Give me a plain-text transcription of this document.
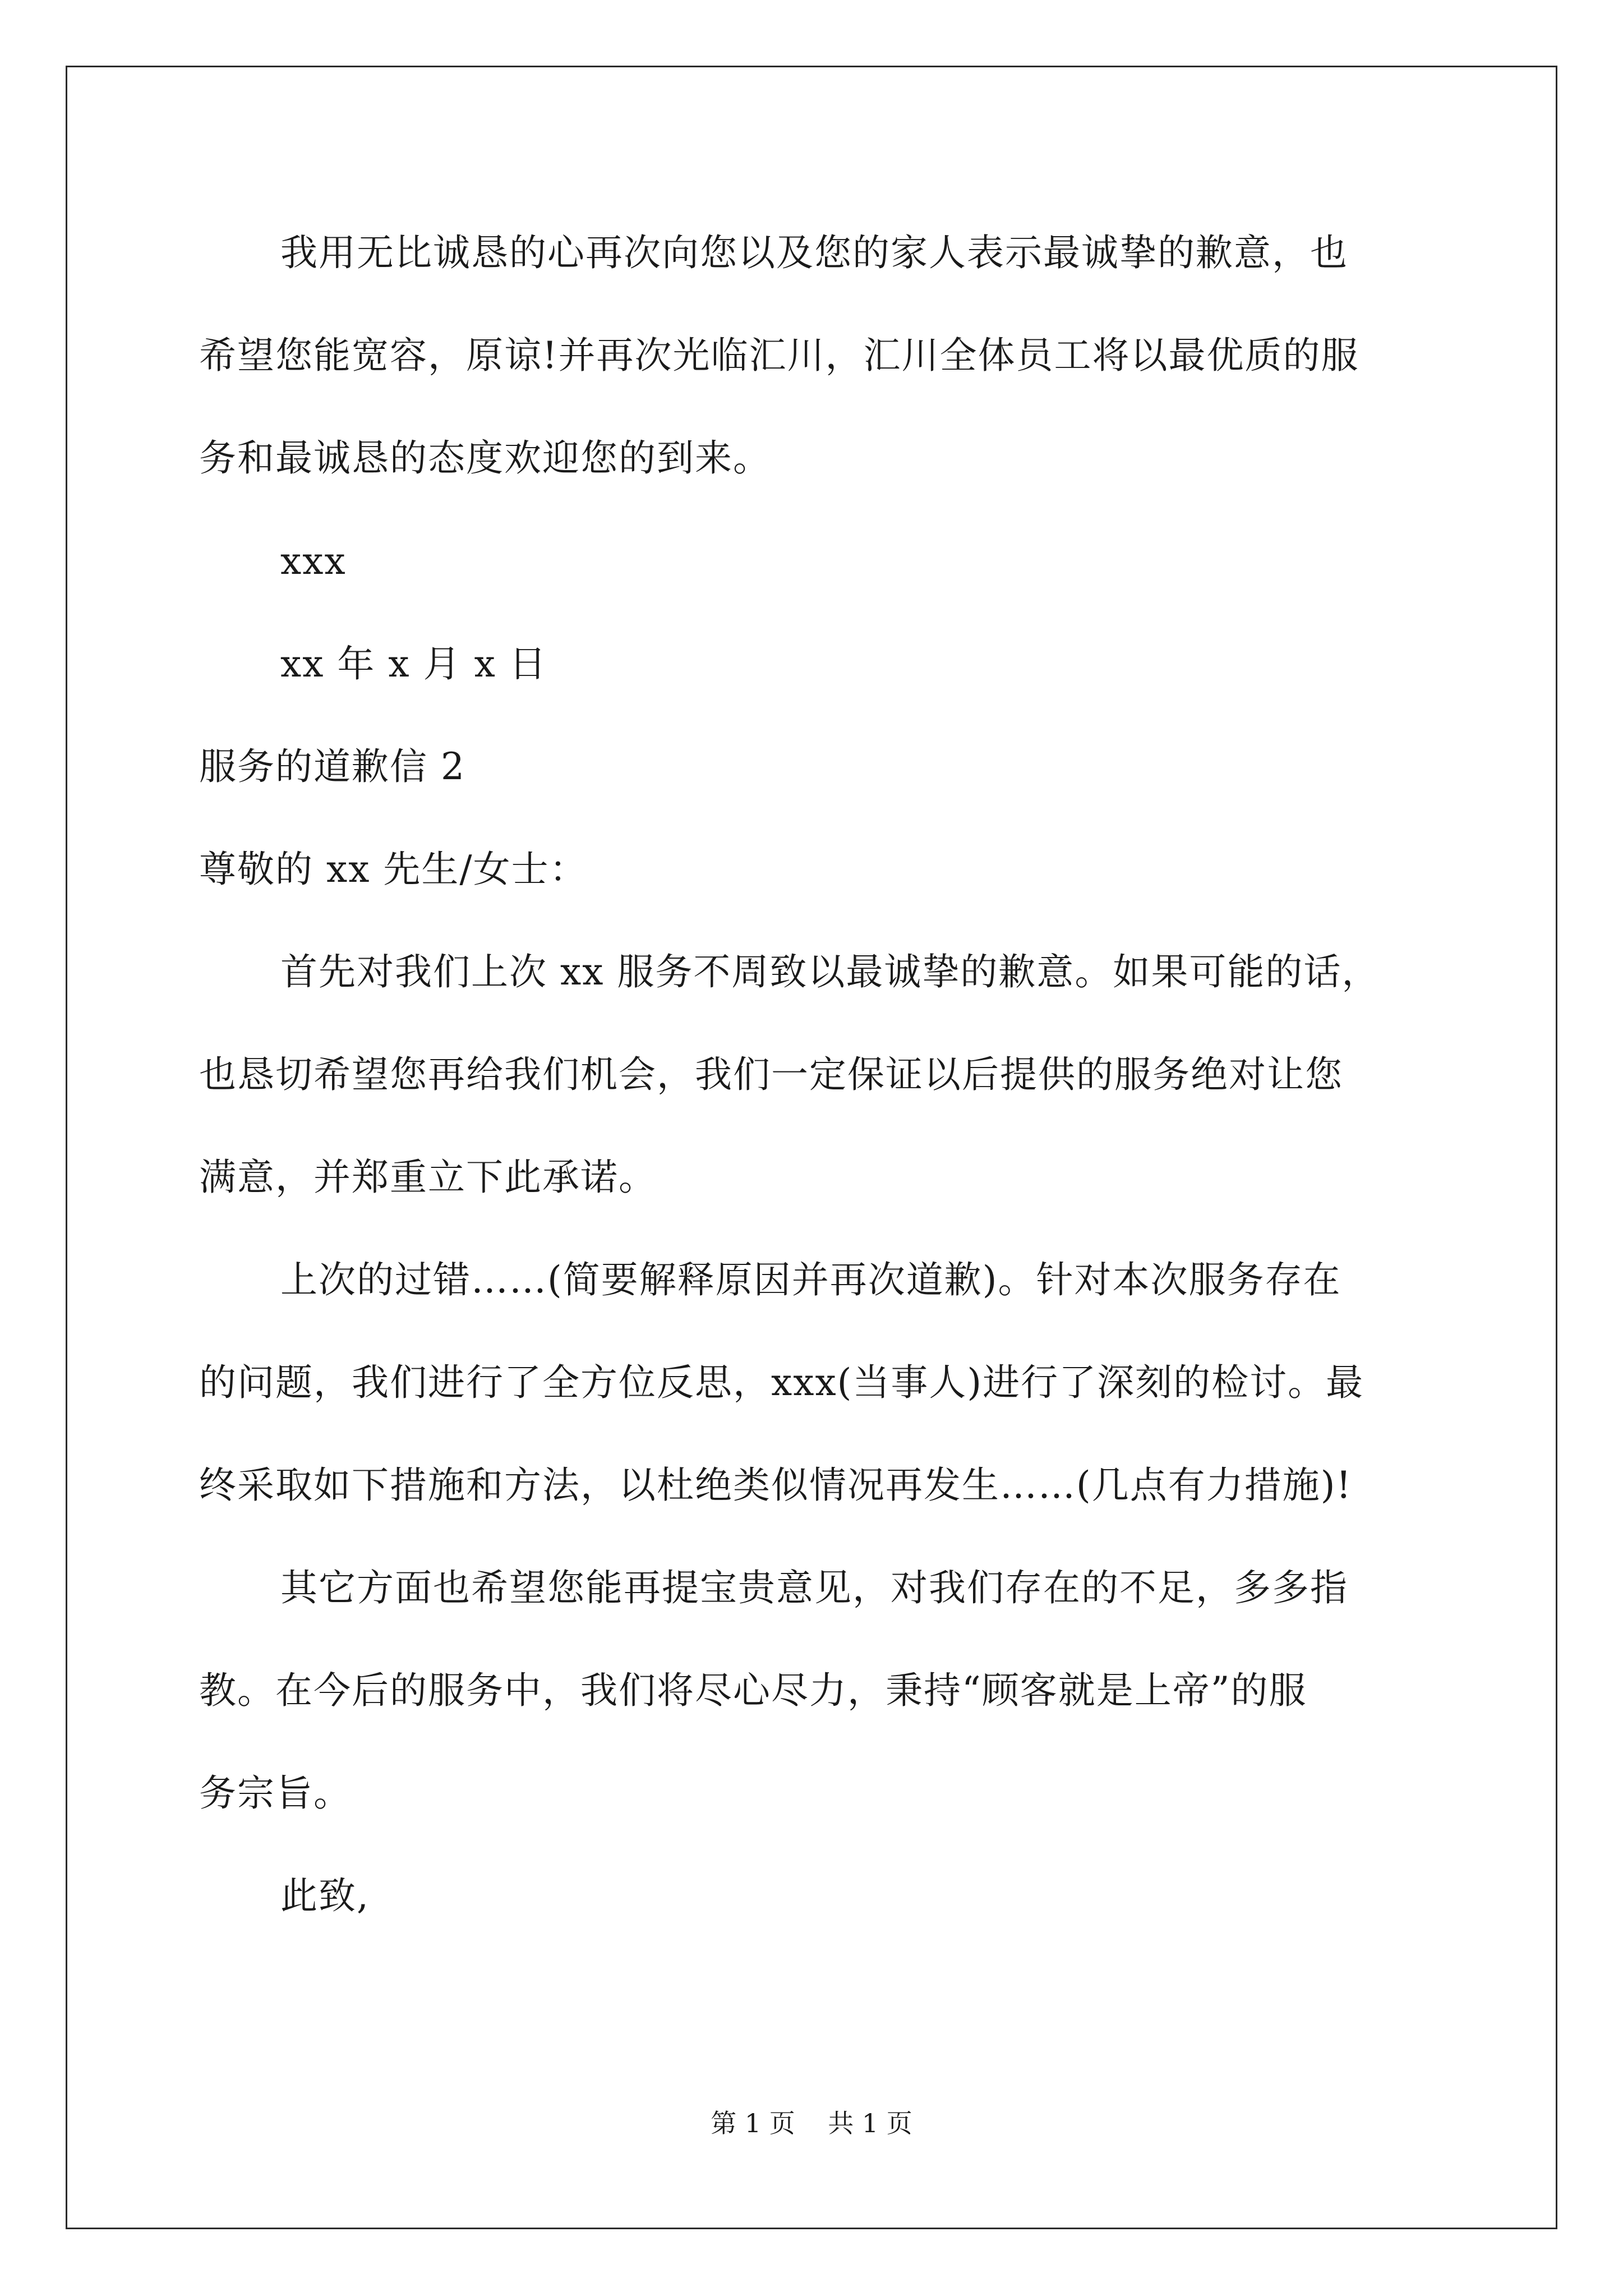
我用无比诚恳的心再次向您以及您的家人表示最诚挚的歉意，也
希望您能宽容，原谅!并再次光临汇川，汇川全体员工将以最优质的服
务和最诚恳的态度欢迎您的到来。
xxx
xx 年 x 月 x 日
服务的道歉信 2
尊敬的 xx 先生/女士：
首先对我们上次 xx 服务不周致以最诚挚的歉意。如果可能的话，
也恳切希望您再给我们机会，我们一定保证以后提供的服务绝对让您
满意，并郑重立下此承诺。
上次的过错……(简要解释原因并再次道歉)。针对本次服务存在
的问题，我们进行了全方位反思，xxx(当事人)进行了深刻的检讨。最
终采取如下措施和方法，以杜绝类似情况再发生……(几点有力措施)!
其它方面也希望您能再提宝贵意见，对我们存在的不足，多多指
教。在今后的服务中，我们将尽心尽力，秉持“顾客就是上帝”的服
务宗旨。
此致,
第 1 页    共 1 页
